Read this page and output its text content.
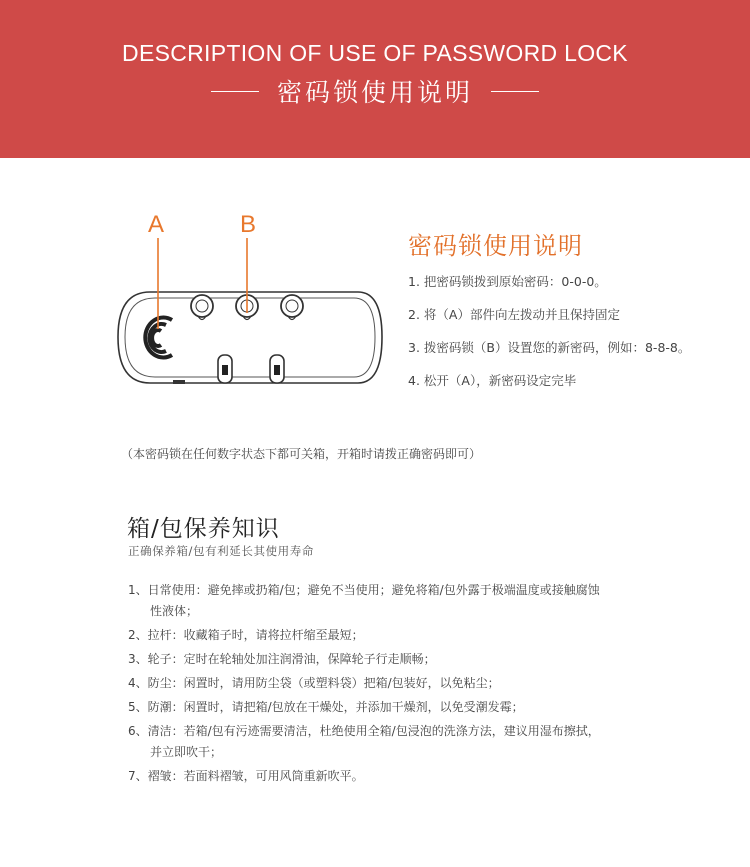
DESCRIPTION OF USE OF PASSWORD LOCK
密码锁使用说明
A	B
密码锁使用说明
1. 把密码锁拨到原始密码：0-0-0。
2. 将（A）部件向左拨动并且保持固定
3. 拨密码锁（B）设置您的新密码，例如：8-8-8。
4. 松开（A），新密码设定完毕
（本密码锁在任何数字状态下都可关箱，开箱时请拨正确密码即可）
箱/包保养知识
正确保养箱/包有利延长其使用寿命
1、日常使用：避免摔或扔箱/包；避免不当使用；避免将箱/包外露于极端温度或接触腐蚀
性液体；
2、拉杆：收藏箱子时，请将拉杆缩至最短；
3、轮子：定时在轮轴处加注润滑油，保障轮子行走顺畅；
4、防尘：闲置时，请用防尘袋（或塑料袋）把箱/包装好，以免粘尘；
5、防潮：闲置时，请把箱/包放在干燥处，并添加干燥剂，以免受潮发霉；
6、清洁：若箱/包有污迹需要清洁，杜绝使用全箱/包浸泡的洗涤方法，建议用湿布擦拭，
并立即吹干；
7、褶皱：若面料褶皱，可用风筒重新吹平。
